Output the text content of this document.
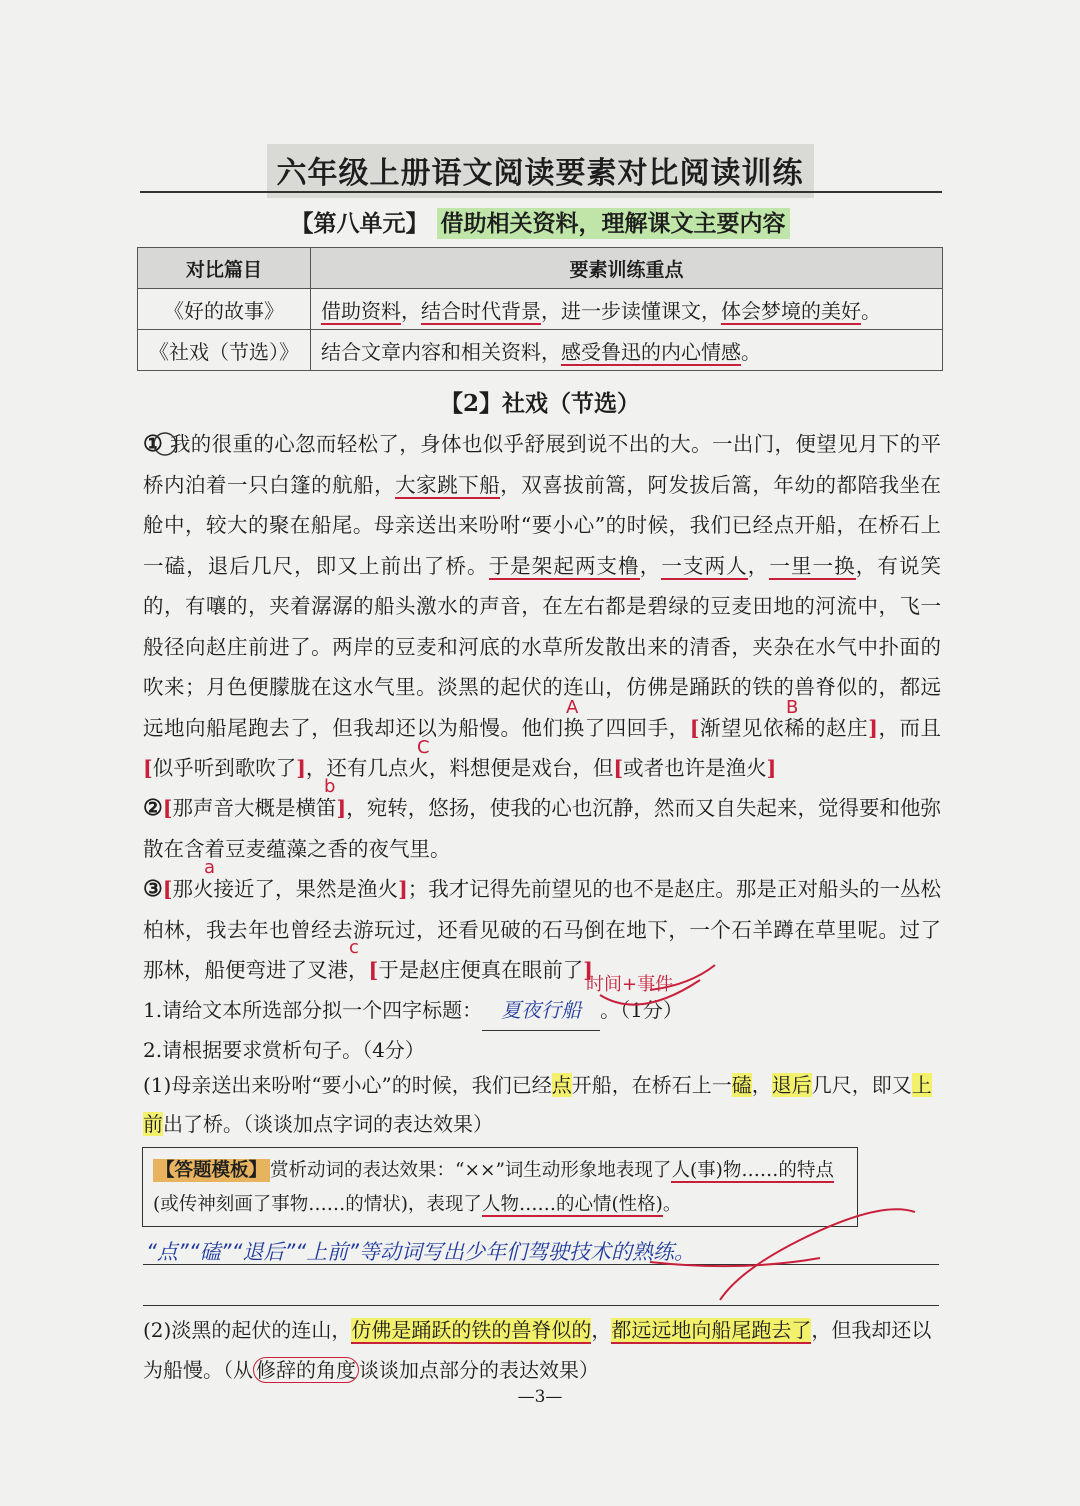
六年级上册语文阅读要素对比阅读训练
【第八单元】 借助相关资料，理解课文主要内容
对比篇目	要素训练重点
《好的故事》	借助资料，结合时代背景，进一步读懂课文，体会梦境的美好。
《社戏（节选）》	结合文章内容和相关资料，感受鲁迅的内心情感。
【2】社戏（节选）
① 我的很重的心忽而轻松了，身体也似乎舒展到说不出的大。一出门，便望见月下的平桥内泊着一只白篷的航船，大家跳下船，双喜拔前篙，阿发拔后篙，年幼的都陪我坐在舱中，较大的聚在船尾。母亲送出来吩咐“要小心”的时候，我们已经点开船，在桥石上一磕，退后几尺，即又上前出了桥。于是架起两支橹，一支两人，一里一换，有说笑的，有嚷的，夹着潺潺的船头激水的声音，在左右都是碧绿的豆麦田地的河流中，飞一般径向赵庄前进了。两岸的豆麦和河底的水草所发散出来的清香，夹杂在水气中扑面的吹来；月色便朦胧在这水气里。淡黑的起伏的连山，仿佛是踊跃的铁的兽脊似的，都远远地向船尾跑去了，但我却还以为船慢。他们换了四回手，[渐望见依稀的赵庄]，而且[似乎听到歌吹了]，还有几点火，料想便是戏台，但[或者也许是渔火]
②[那声音大概是横笛]，宛转，悠扬，使我的心也沉静，然而又自失起来，觉得要和他弥散在含着豆麦蕴藻之香的夜气里。
③[那火接近了，果然是渔火]；我才记得先前望见的也不是赵庄。那是正对船头的一丛松柏林，我去年也曾经去游玩过，还看见破的石马倒在地下，一个石羊蹲在草里呢。过了那林，船便弯进了叉港，[于是赵庄便真在眼前了]
A	B
C
b
a
c
时间+事件
1.请给文本所选部分拟一个四字标题： 夏夜行船 。（1分）
2.请根据要求赏析句子。（4分）
(1)母亲送出来吩咐“要小心”的时候，我们已经点开船，在桥石上一磕，退后几尺，即又上前出了桥。（谈谈加点字词的表达效果）
【答题模板】 赏析动词的表达效果：“××”词生动形象地表现了人(事)物……的特点
(或传神刻画了事物……的情状)，表现了人物……的心情(性格)。
“点”“磕”“退后”“上前”等动词写出少年们驾驶技术的熟练。
(2)淡黑的起伏的连山，仿佛是踊跃的铁的兽脊似的，都远远地向船尾跑去了，但我却还以为船慢。（从 修辞的角度 谈谈加点部分的表达效果）
—3—
